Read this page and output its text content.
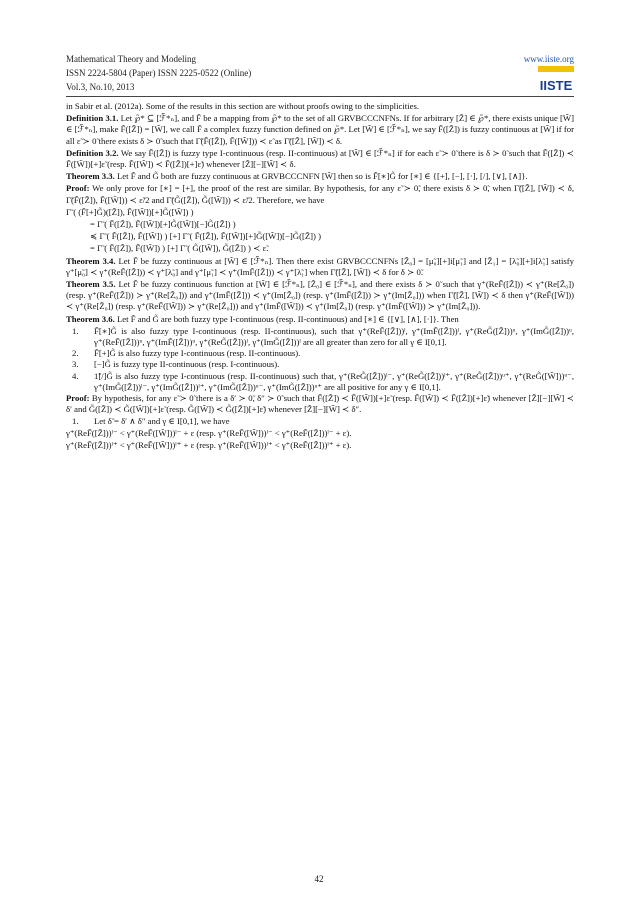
Mathematical Theory and Modeling	www.iiste.org
ISSN 2224-5804 (Paper) ISSN 2225-0522 (Online)
Vol.3, No.10, 2013	IISTE

in Sabir et al. (2012a). Some of the results in this section are without proofs owing to the simplicities.

Definition 3.1. Let ℘̃* ⊆ [ℱ̃*ₙ], and F̃ be a mapping from ℘̃* to the set of all GRVBCCCNFNs. If for arbitrary [Z̃] ∈ ℘̃*, there exists unique [W̃] ∈ [ℱ̃*ₙ], make F̃([Z̃]) = [W̃], we call F̃ a complex fuzzy function defined on ℘̃*. Let [W̃] ∈ [ℱ̃*ₙ], we say F̃([Z̃]) is fuzzy continuous at [W̃] if for all ε̃ ≻ 0̃ there exists δ ≻ 0̃ such that Γ̃(F̃([Z̃]), F̃([W̃])) ≺ ε̃ as Γ̃([Z̃], [W̃]) ≺ δ.

Definition 3.2. We say F̃([Z̃]) is fuzzy type I-continuous (resp. II-continuous) at [W̃] ∈ [ℱ̃*ₙ] if for each ε̃ ≻ 0̃ there is δ ≻ 0̃ such that F̃([Z̃]) ≺ F̃([W̃])[+]ε̃ (resp. F̃([W̃]) ≺ F̃([Z̃])[+]ε̃) whenever [Z̃][−][W̃] ≺ δ.

Theorem 3.3. Let F̃ and G̃ both are fuzzy continuous at GRVBCCCNFN [W̃] then so is F̃[∗]G̃ for [∗] ∈ {[+], [−], [·], [/], [∨], [∧]}.

Proof: We only prove for [∗] = [+], the proof of the rest are similar. By hypothesis, for any ε̃ ≻ 0̃, there exists δ ≻ 0̃, when Γ̃([Z̃], [W̃]) ≺ δ, Γ̃(F̃([Z̃]), F̃([W̃])) ≺ ε̃/2 and Γ̃(G̃([Z̃]), G̃([W̃])) ≺ ε̃/2. Therefore, we have

Γ̃ ( (F̃[+]G̃)([Z̃]), F̃([W̃])[+]G̃([W̃]) )

= Γ̃ ( F̃([Z̃]), F̃([W̃])[+]G̃([W̃])[−]G̃([Z̃]) )

≼ Γ̃ ( F̃([Z̃]), F̃([W̃]) ) [+] Γ̃ ( F̃([Z̃]), F̃([W̃])[+]G̃([W̃])[−]G̃([Z̃]) )

= Γ̃ ( F̃([Z̃]), F̃([W̃]) ) [+] Γ̃ ( G̃([W̃]), G̃([Z̃]) ) ≺ ε̃.

Theorem 3.4. Let F̃ be fuzzy continuous at [W̃] ∈ [ℱ̃*ₙ]. Then there exist GRVBCCCNFNs [Z̃₀] = [μ̃₀][+]i[μ̃₁] and [Z̃₁] = [λ̃₀][+]i[λ̃₁] satisfy γ⁺[μ̃₀] ≺ γ⁺(ReF̃([Z̃])) ≺ γ⁺[λ̃₀] and γ⁺[μ̃₁] ≺ γ⁺(ImF̃([Z̃])) ≺ γ⁺[λ̃₁] when Γ̃([Z̃], [W̃]) ≺ δ for δ ≻ 0̃.

Theorem 3.5. Let F̃ be fuzzy continuous function at [W̃] ∈ [ℱ̃*ₙ], [Z̃₀] ∈ [ℱ̃*ₙ], and there exists δ ≻ 0̃ such that γ⁺(ReF̃([Z̃])) ≺ γ⁺(Re[Z̃₀]) (resp. γ⁺(ReF̃([Z̃])) ≻ γ⁺(Re[Z̃₀])) and γ⁺(ImF̃([Z̃])) ≺ γ⁺(Im[Z̃₀]) (resp. γ⁺(ImF̃([Z̃])) ≻ γ⁺(Im[Z̃₀])) when Γ̃([Z̃], [W̃]) ≺ δ then γ⁺(ReF̃([W̃])) ≺ γ⁺(Re[Z̃₀]) (resp. γ⁺(ReF̃([W̃])) ≻ γ⁺(Re[Z̃₀])) and γ⁺(ImF̃([W̃])) ≺ γ⁺(Im[Z̃₀]) (resp. γ⁺(ImF̃([W̃])) ≻ γ⁺(Im[Z̃₀])).

Theorem 3.6. Let F̃ and G̃ are both fuzzy type I-continuous (resp. II-continuous) and [∗] ∈ {[∨], [∧], [·]}. Then

1.	F̃[∗]G̃ is also fuzzy type I-continuous (resp. II-continuous), such that γ⁺(ReF̃([Z̃]))ˡ, γ⁺(ImF̃([Z̃]))ˡ, γ⁺(ReG̃([Z̃]))ᵘ, γ⁺(ImG̃([Z̃]))ᵘ, γ⁺(ReF̃([Z̃]))ᵘ, γ⁺(ImF̃([Z̃]))ᵘ, γ⁺(ReG̃([Z̃]))ˡ, γ⁺(ImG̃([Z̃]))ˡ are all greater than zero for all γ ∈ I[0,1].
2.	F̃[+]G̃ is also fuzzy type I-continuous (resp. II-continuous).
3.	[−]G̃ is fuzzy type II-continuous (resp. I-continuous).
4.	1̃[/]G̃ is also fuzzy type I-continuous (resp. II-continuous) such that, γ⁺(ReG̃([Z̃]))ˡ⁻, γ⁺(ReG̃([Z̃]))ˡ⁺, γ⁺(ReG̃([Z̃]))ᵘ⁺, γ⁺(ReG̃([W̃]))ᵘ⁻, γ⁺(ImG̃([Z̃]))ˡ⁻, γ⁺(ImG̃([Z̃]))ˡ⁺, γ⁺(ImG̃([Z̃]))ᵘ⁻, γ⁺(ImG̃([Z̃]))ᵘ⁺ are all positive for any γ ∈ I[0,1].

Proof: By hypothesis, for any ε̃ ≻ 0̃ there is a δ′ ≻ 0̃, δ″ ≻ 0̃ such that F̃([Z̃]) ≺ F̃([W̃])[+]ε̃ (resp. F̃([W̃]) ≺ F̃([Z̃])[+]ε̃) whenever [Z̃][−][W̃] ≺ δ′ and G̃([Z̃]) ≺ G̃([W̃])[+]ε̃ (resp. G̃([W̃]) ≺ G̃([Z̃])[+]ε̃) whenever [Z̃][−][W̃] ≺ δ″.

1.	Let δ̃ = δ′ ∧ δ″ and γ ∈ I[0,1], we have

γ⁺(ReF̃([Z̃]))ˡ⁻ < γ⁺(ReF̃([W̃]))ˡ⁻ + ε (resp. γ⁺(ReF̃([W̃]))ˡ⁻ < γ⁺(ReF̃([Z̃]))ˡ⁻ + ε).

γ⁺(ReF̃([Z̃]))ˡ⁺ < γ⁺(ReF̃([W̃]))ˡ⁺ + ε (resp. γ⁺(ReF̃([W̃]))ˡ⁺ < γ⁺(ReF̃([Z̃]))ˡ⁺ + ε).

42
